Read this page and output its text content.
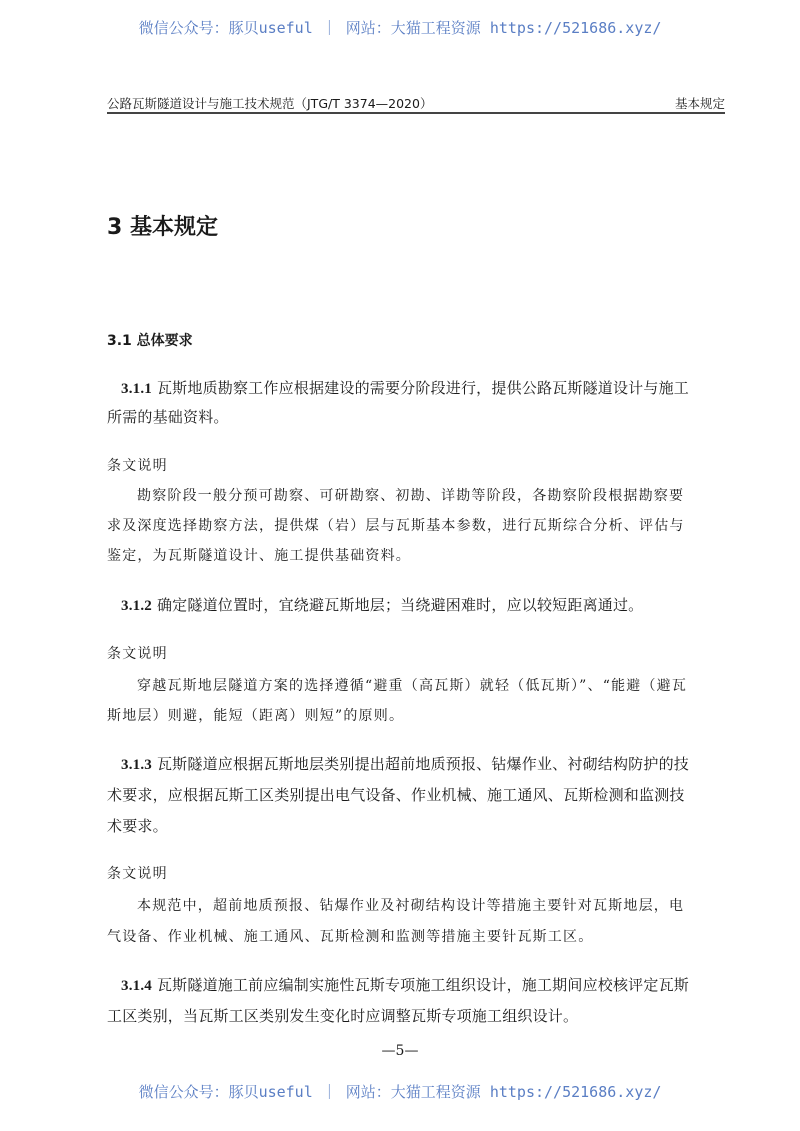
微信公众号：豚贝useful ｜ 网站：大猫工程资源 https://521686.xyz/
公路瓦斯隧道设计与施工技术规范（JTG/T 3374—2020）	基本规定
3 基本规定
3.1 总体要求
3.1.1 瓦斯地质勘察工作应根据建设的需要分阶段进行，提供公路瓦斯隧道设计与施工
所需的基础资料。
条文说明
勘察阶段一般分预可勘察、可研勘察、初勘、详勘等阶段，各勘察阶段根据勘察要
求及深度选择勘察方法，提供煤（岩）层与瓦斯基本参数，进行瓦斯综合分析、评估与
鉴定，为瓦斯隧道设计、施工提供基础资料。
3.1.2 确定隧道位置时，宜绕避瓦斯地层；当绕避困难时，应以较短距离通过。
条文说明
穿越瓦斯地层隧道方案的选择遵循“避重（高瓦斯）就轻（低瓦斯）”、“能避（避瓦
斯地层）则避，能短（距离）则短”的原则。
3.1.3 瓦斯隧道应根据瓦斯地层类别提出超前地质预报、钻爆作业、衬砌结构防护的技
术要求，应根据瓦斯工区类别提出电气设备、作业机械、施工通风、瓦斯检测和监测技
术要求。
条文说明
本规范中，超前地质预报、钻爆作业及衬砌结构设计等措施主要针对瓦斯地层，电
气设备、作业机械、施工通风、瓦斯检测和监测等措施主要针瓦斯工区。
3.1.4 瓦斯隧道施工前应编制实施性瓦斯专项施工组织设计，施工期间应校核评定瓦斯
工区类别，当瓦斯工区类别发生变化时应调整瓦斯专项施工组织设计。
—5—
微信公众号：豚贝useful ｜ 网站：大猫工程资源 https://521686.xyz/
